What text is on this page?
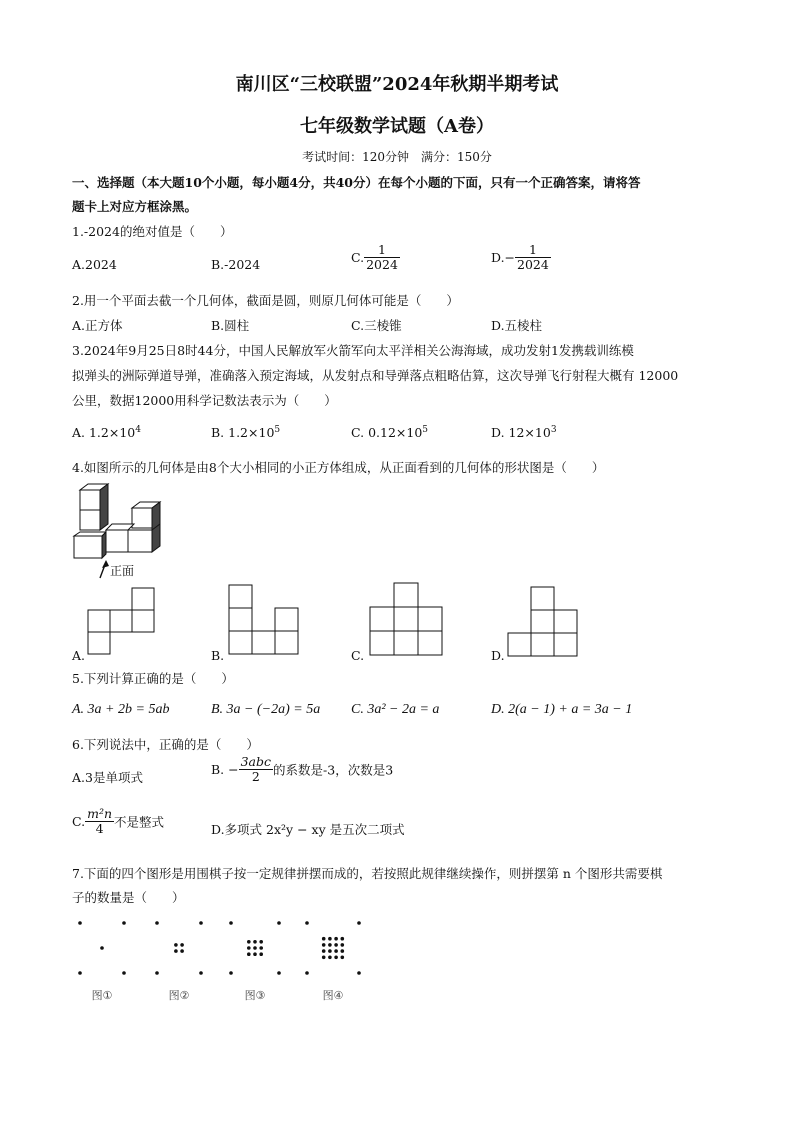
南川区“三校联盟”2024年秋期半期考试
七年级数学试题（A卷）
考试时间：120分钟　满分：150分
一、选择题（本大题10个小题，每小题4分，共40分）在每个小题的下面，只有一个正确答案，请将答
题卡上对应方框涂黑。
1.-2024的绝对值是（　　）
A.2024	B.-2024	C. $\frac{1}{2024}$	$D.- \frac{1}{2024}$
2.用一个平面去截一个几何体，截面是圆，则原几何体可能是（　　）
A.正方体	B.圆柱	C.三棱锥	D.五棱柱
3.2024年9月25日8时44分，中国人民解放军火箭军向太平洋相关公海海域，成功发射1发携载训练模
拟弹头的洲际弹道导弹，准确落入预定海域，从发射点和导弹落点粗略估算，这次导弹飞行射程大概有 12000
公里，数据12000用科学记数法表示为（　　）
A. $1.2\times 10^4$	B. $1.2\times 10^5$	C. $0.12\times 10^5$	D. $12\times 10^3$
4.如图所示的几何体是由8个大小相同的小正方体组成，从正面看到的几何体的形状图是（　　）
正面
A.	B.	C.	D.
5.下列计算正确的是（　　）
A. 3a + 2b = 5ab	B. 3a − (−2a) = 5a C. 3a² − 2a = a	D. 2(a − 1) + a = 3a − 1
6.下列说法中，正确的是（　　）
A.3是单项式
B. − $\frac{\text{3abc}}{2}$ 的系数是-3，次数是3
C. $\frac{\text{m²n}}{4}$ 不是整式
D.多项式 2x²y − xy 是五次二项式
7.下面的四个图形是用围棋子按一定规律拼摆而成的，若按照此规律继续操作，则拼摆第 n 个图形共需要棋
子的数量是（　　）
图①	图②	图③	图④
